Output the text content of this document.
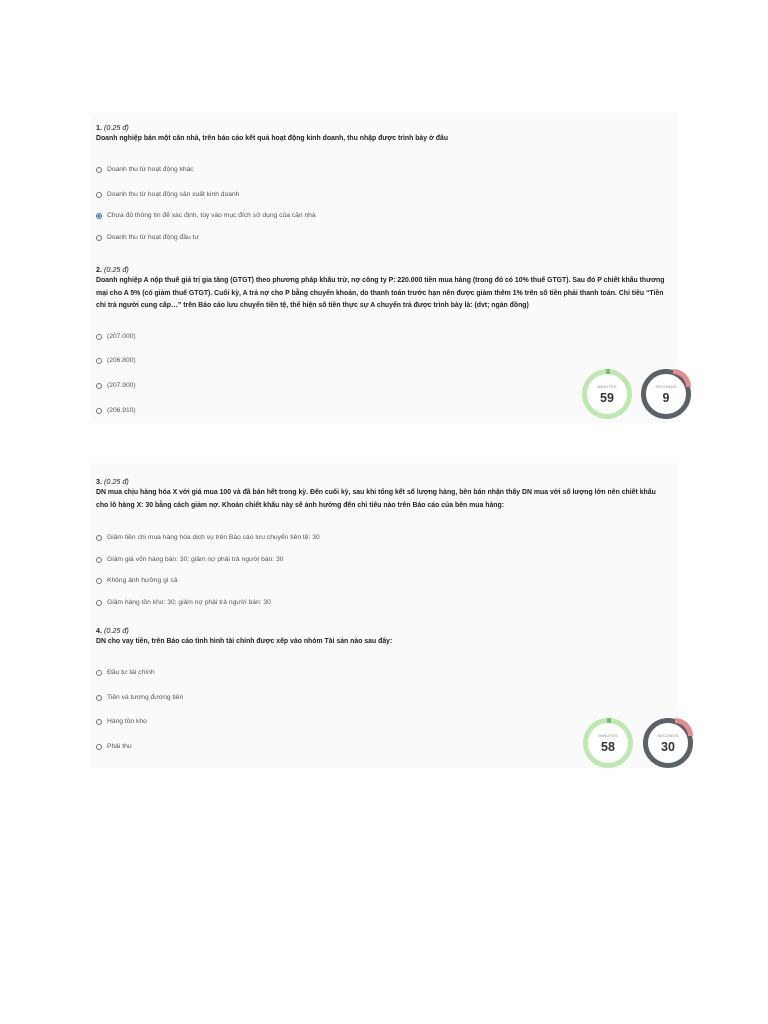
1. (0.25 đ)
Doanh nghiệp bán một căn nhà, trên báo cáo kết quả hoạt động kinh doanh, thu nhập được trình bày ở đâu
Doanh thu từ hoạt động khác
Doanh thu từ hoạt động sản xuất kinh doanh
Chưa đủ thông tin để xác định, tùy vào mục đích sử dụng của căn nhà
Doanh thu từ hoạt động đầu tư
2. (0.25 đ)
Doanh nghiệp A nộp thuế giá trị gia tăng (GTGT) theo phương pháp khấu trừ, nợ công ty P: 220.000 tiền mua hàng (trong đó có 10% thuế GTGT). Sau đó P chiết khấu thương mại cho A 5% (có giảm thuế GTGT). Cuối kỳ, A trả nợ cho P bằng chuyển khoản, do thanh toán trước hạn nên được giảm thêm 1% trên số tiền phải thanh toán. Chỉ tiêu “Tiền chi trả người cung cấp…” trên Báo cáo lưu chuyển tiền tệ, thể hiện số tiền thực sự A chuyển trả được trình bày là: (dvt; ngàn đồng)
(207.000)
(206.800)
(207.900)
(206.910)
MINUTES
59
SECONDS
9
3. (0.25 đ)
DN mua chịu hàng hóa X với giá mua 100 và đã bán hết trong kỳ. Đến cuối kỳ, sau khi tổng kết số lượng hàng, bên bán nhận thấy DN mua với số lượng lớn nên chiết khấu cho lô hàng X: 30 bằng cách giảm nợ. Khoản chiết khấu này sẽ ảnh hưởng đến chỉ tiêu nào trên Báo cáo của bên mua hàng:
Giảm tiền chi mua hàng hóa dịch vụ trên Báo cáo lưu chuyển tiền tệ: 30
Giảm giá vốn hàng bán: 30; giảm nợ phải trả người bán: 30
Không ảnh hưởng gì cả
Giảm hàng tồn kho: 30; giảm nợ phải trả người bán: 30
4. (0.25 đ)
DN cho vay tiền, trên Báo cáo tình hình tài chính được xếp vào nhóm Tài sản nào sau đây:
Đầu tư tài chính
Tiền và tương đương tiền
Hàng tồn kho
Phải thu
MINUTES
58
SECONDS
30
